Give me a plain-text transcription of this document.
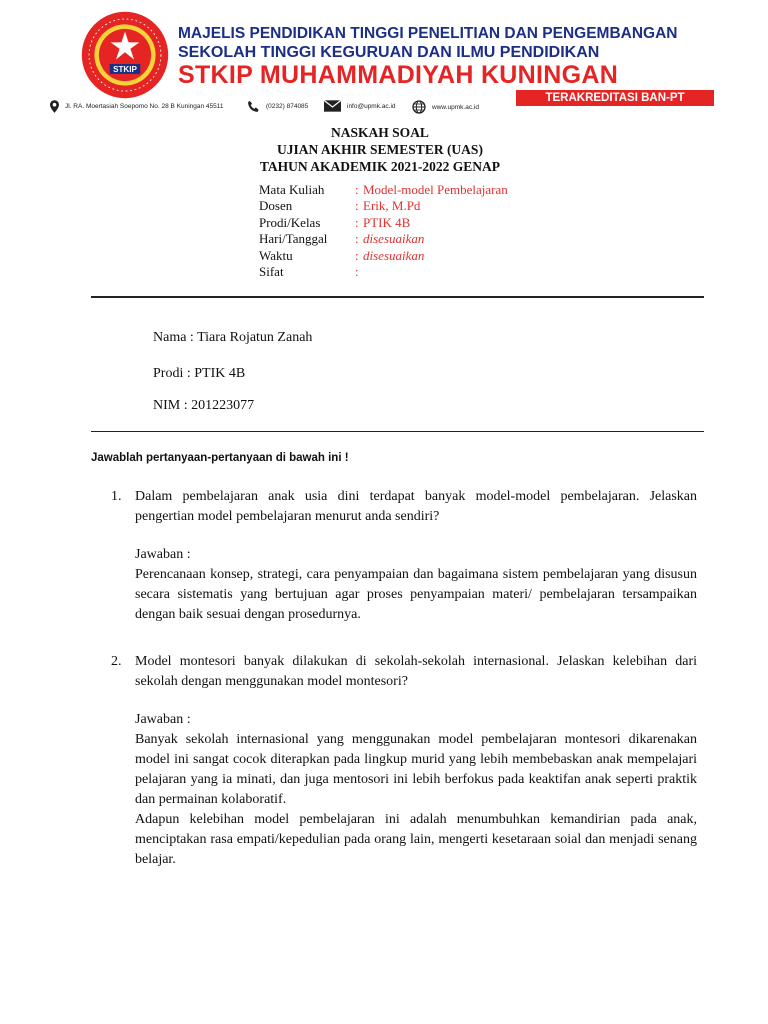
STKIP
MAJELIS PENDIDIKAN TINGGI PENELITIAN DAN PENGEMBANGAN
SEKOLAH TINGGI KEGURUAN DAN ILMU PENDIDIKAN
STKIP MUHAMMADIYAH KUNINGAN
TERAKREDITASI BAN-PT
Jl. RA. Moertasiah Soepomo No. 28 B Kuningan 45511	(0232) 874085	info@upmk.ac.id	www.upmk.ac.id
NASKAH SOAL
UJIAN AKHIR SEMESTER (UAS)
TAHUN AKADEMIK 2021-2022 GENAP
Mata Kuliah : Model-model Pembelajaran
Dosen	: Erik, M.Pd
Prodi/Kelas	: PTIK 4B
Hari/Tanggal : disesuaikan
Waktu	: disesuaikan
Sifat	:
Nama : Tiara Rojatun Zanah
Prodi : PTIK 4B
NIM : 201223077
Jawablah pertanyaan-pertanyaan di bawah ini !
1. Dalam pembelajaran anak usia dini terdapat banyak model-model pembelajaran. Jelaskan pengertian model pembelajaran menurut anda sendiri?
Jawaban :
Perencanaan konsep, strategi, cara penyampaian dan bagaimana sistem pembelajaran yang disusun secara sistematis yang bertujuan agar proses penyampaian materi/ pembelajaran tersampaikan dengan baik sesuai dengan prosedurnya.
2. Model montesori banyak dilakukan di sekolah-sekolah internasional. Jelaskan kelebihan dari sekolah dengan menggunakan model montesori?
Jawaban :
Banyak sekolah internasional yang menggunakan model pembelajaran montesori dikarenakan model ini sangat cocok diterapkan pada lingkup murid yang lebih membebaskan anak mempelajari pelajaran yang ia minati, dan juga mentosori ini lebih berfokus pada keaktifan anak seperti praktik dan permainan kolaboratif.
Adapun kelebihan model pembelajaran ini adalah menumbuhkan kemandirian pada anak, menciptakan rasa empati/kepedulian pada orang lain, mengerti kesetaraan soial dan menjadi senang belajar.
